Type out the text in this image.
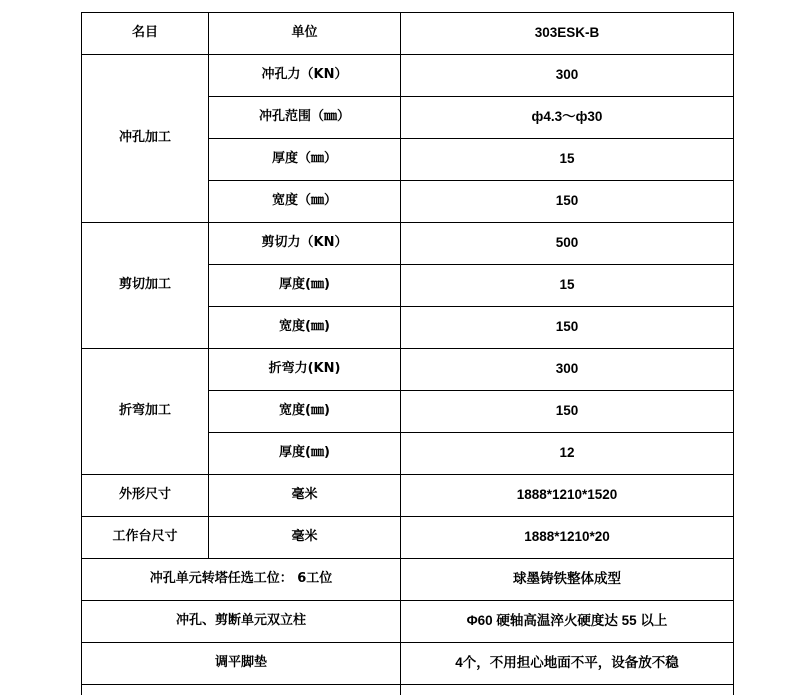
名目	单位	303ESK-B
冲孔加工	冲孔力（KN）	300
	冲孔范围（㎜）	ф4.3～ф30
	厚度（㎜）	15
	宽度（㎜）	150
剪切加工	剪切力（KN）	500
	厚度(㎜)	15
	宽度(㎜)	150
折弯加工	折弯力(KN)	300
	宽度(㎜)	150
	厚度(㎜)	12
外形尺寸	毫米	1888*1210*1520
工作台尺寸	毫米	1888*1210*20
冲孔单元转塔任选工位： 6工位		球墨铸铁整体成型
冲孔、剪断单元双立柱		Φ60 硬轴高温淬火硬度达 55 以上
调平脚垫		4个，不用担心地面不平，设备放不稳
